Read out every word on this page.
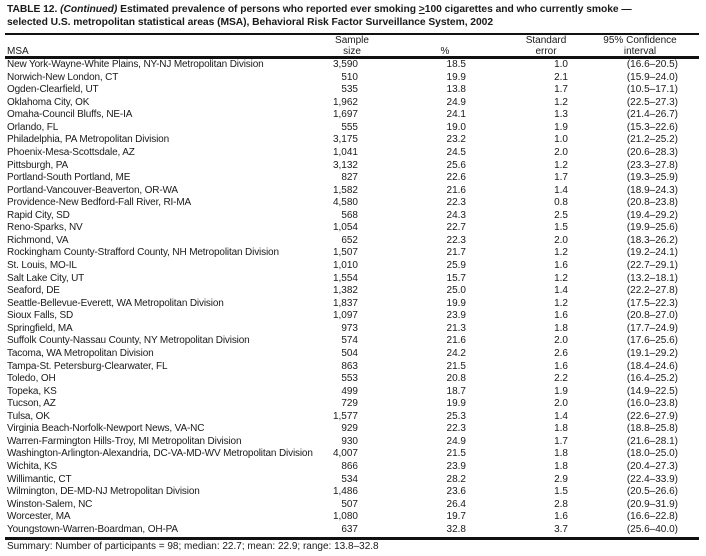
TABLE 12. (Continued) Estimated prevalence of persons who reported ever smoking ≥100 cigarettes and who currently smoke —
selected U.S. metropolitan statistical areas (MSA), Behavioral Risk Factor Surveillance System, 2002
Sample	Standard	95% Confidence
MSA	size	%	error	interval
New York-Wayne-White Plains, NY-NJ Metropolitan Division	3,590	18.5	1.0	(16.6–20.5)	
Norwich-New London, CT	510	19.9	2.1	(15.9–24.0)	
Ogden-Clearfield, UT	535	13.8	1.7	(10.5–17.1)	
Oklahoma City, OK	1,962	24.9	1.2	(22.5–27.3)	
Omaha-Council Bluffs, NE-IA	1,697	24.1	1.3	(21.4–26.7)	
Orlando, FL	555	19.0	1.9	(15.3–22.6)	
Philadelphia, PA Metropolitan Division	3,175	23.2	1.0	(21.2–25.2)	
Phoenix-Mesa-Scottsdale, AZ	1,041	24.5	2.0	(20.6–28.3)	
Pittsburgh, PA	3,132	25.6	1.2	(23.3–27.8)	
Portland-South Portland, ME	827	22.6	1.7	(19.3–25.9)	
Portland-Vancouver-Beaverton, OR-WA	1,582	21.6	1.4	(18.9–24.3)	
Providence-New Bedford-Fall River, RI-MA	4,580	22.3	0.8	(20.8–23.8)	
Rapid City, SD	568	24.3	2.5	(19.4–29.2)	
Reno-Sparks, NV	1,054	22.7	1.5	(19.9–25.6)	
Richmond, VA	652	22.3	2.0	(18.3–26.2)	
Rockingham County-Strafford County, NH Metropolitan Division	1,507	21.7	1.2	(19.2–24.1)	
St. Louis, MO-IL	1,010	25.9	1.6	(22.7–29.1)	
Salt Lake City, UT	1,554	15.7	1.2	(13.2–18.1)	
Seaford, DE	1,382	25.0	1.4	(22.2–27.8)	
Seattle-Bellevue-Everett, WA Metropolitan Division	1,837	19.9	1.2	(17.5–22.3)	
Sioux Falls, SD	1,097	23.9	1.6	(20.8–27.0)	
Springfield, MA	973	21.3	1.8	(17.7–24.9)	
Suffolk County-Nassau County, NY Metropolitan Division	574	21.6	2.0	(17.6–25.6)	
Tacoma, WA Metropolitan Division	504	24.2	2.6	(19.1–29.2)	
Tampa-St. Petersburg-Clearwater, FL	863	21.5	1.6	(18.4–24.6)	
Toledo, OH	553	20.8	2.2	(16.4–25.2)	
Topeka, KS	499	18.7	1.9	(14.9–22.5)	
Tucson, AZ	729	19.9	2.0	(16.0–23.8)	
Tulsa, OK	1,577	25.3	1.4	(22.6–27.9)	
Virginia Beach-Norfolk-Newport News, VA-NC	929	22.3	1.8	(18.8–25.8)	
Warren-Farmington Hills-Troy, MI Metropolitan Division	930	24.9	1.7	(21.6–28.1)	
Washington-Arlington-Alexandria, DC-VA-MD-WV Metropolitan Division	4,007	21.5	1.8	(18.0–25.0)	
Wichita, KS	866	23.9	1.8	(20.4–27.3)	
Willimantic, CT	534	28.2	2.9	(22.4–33.9)	
Wilmington, DE-MD-NJ Metropolitan Division	1,486	23.6	1.5	(20.5–26.6)	
Winston-Salem, NC	507	26.4	2.8	(20.9–31.9)	
Worcester, MA	1,080	19.7	1.6	(16.6–22.8)	
Youngstown-Warren-Boardman, OH-PA	637	32.8	3.7	(25.6–40.0)	
Summary: Number of participants = 98; median: 22.7; mean: 22.9; range: 13.8–32.8
